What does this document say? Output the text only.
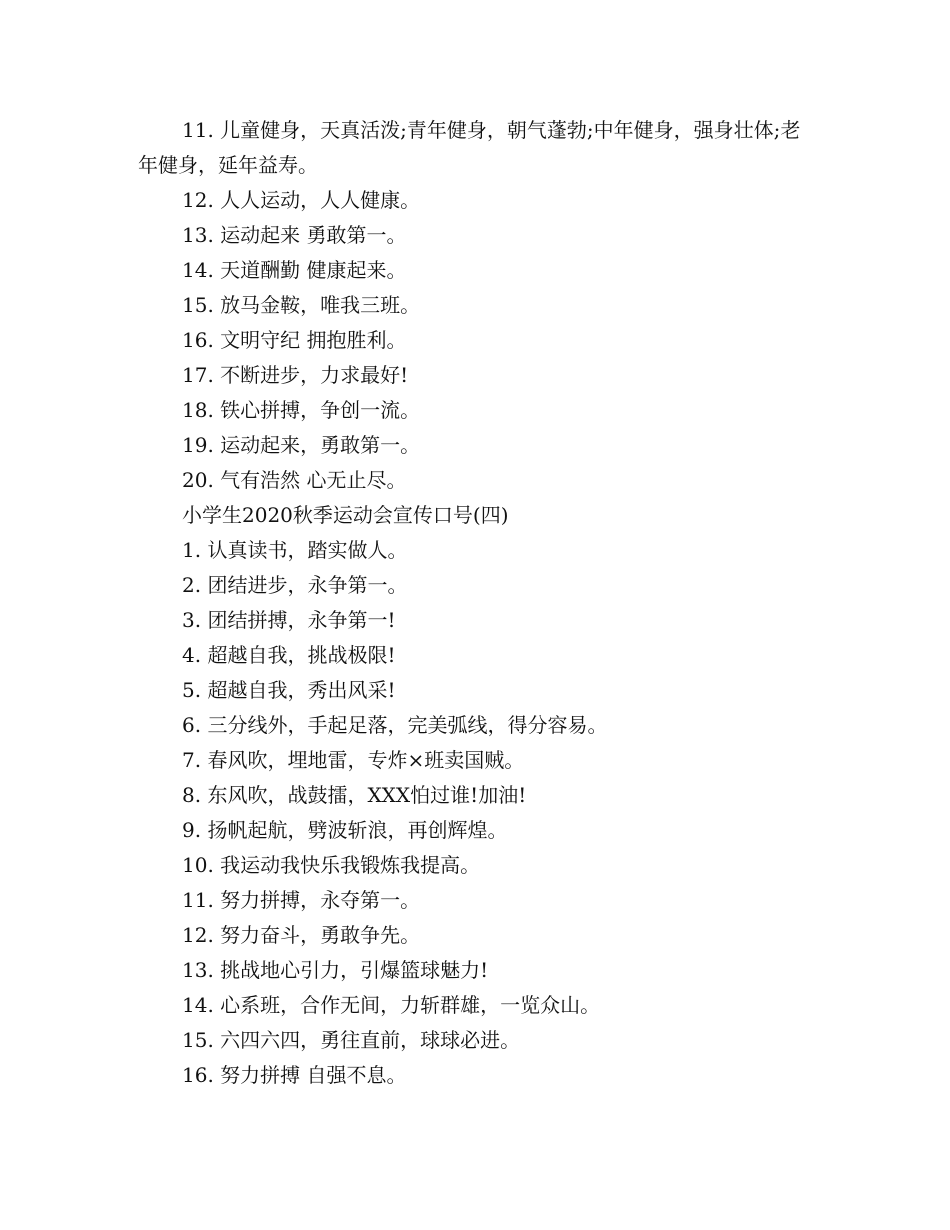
11. 儿童健身，天真活泼;青年健身，朝气蓬勃;中年健身，强身壮体;老年健身，延年益寿。

12. 人人运动，人人健康。

13. 运动起来 勇敢第一。

14. 天道酬勤 健康起来。

15. 放马金鞍，唯我三班。

16. 文明守纪 拥抱胜利。

17. 不断进步，力求最好!

18. 铁心拼搏，争创一流。

19. 运动起来，勇敢第一。

20. 气有浩然 心无止尽。

小学生2020秋季运动会宣传口号(四)

1. 认真读书，踏实做人。

2. 团结进步，永争第一。

3. 团结拼搏，永争第一!

4. 超越自我，挑战极限!

5. 超越自我，秀出风采!

6. 三分线外，手起足落，完美弧线，得分容易。

7. 春风吹，埋地雷，专炸×班卖国贼。

8. 东风吹，战鼓擂，XXX怕过谁!加油!

9. 扬帆起航，劈波斩浪，再创辉煌。

10. 我运动我快乐我锻炼我提高。

11. 努力拼搏，永夺第一。

12. 努力奋斗，勇敢争先。

13. 挑战地心引力，引爆篮球魅力!

14. 心系班，合作无间，力斩群雄，一览众山。

15. 六四六四，勇往直前，球球必进。

16. 努力拼搏 自强不息。
